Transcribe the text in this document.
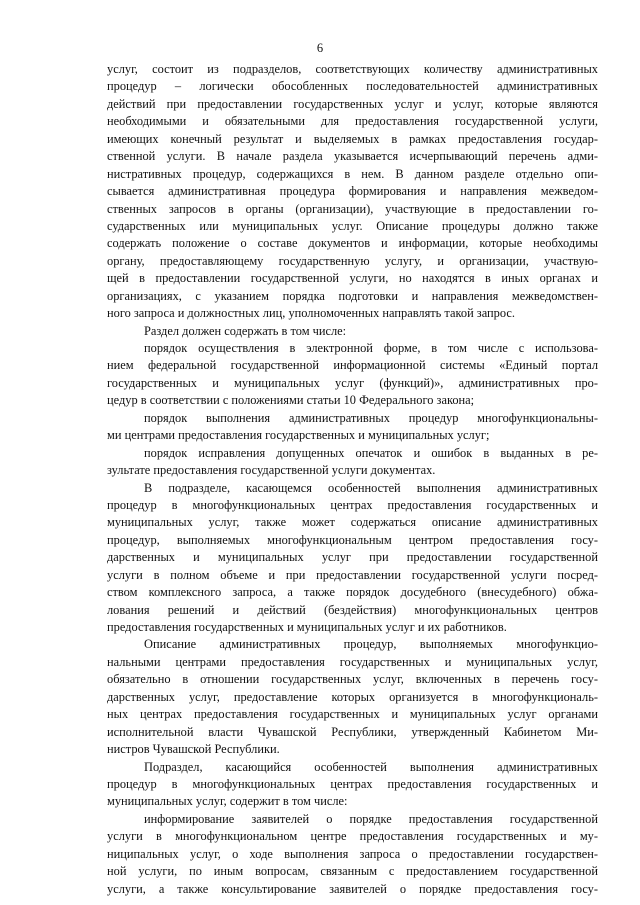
6
услуг, состоит из подразделов, соответствующих количеству административных
процедур – логически обособленных последовательностей административных
действий при предоставлении государственных услуг и услуг, которые являются
необходимыми и обязательными для предоставления государственной услуги,
имеющих конечный результат и выделяемых в рамках предоставления государ-
ственной услуги. В начале раздела указывается исчерпывающий перечень адми-
нистративных процедур, содержащихся в нем. В данном разделе отдельно опи-
сывается административная процедура формирования и направления межведом-
ственных запросов в органы (организации), участвующие в предоставлении го-
сударственных или муниципальных услуг. Описание процедуры должно также
содержать положение о составе документов и информации, которые необходимы
органу, предоставляющему государственную услугу, и организации, участвую-
щей в предоставлении государственной услуги, но находятся в иных органах и
организациях, с указанием порядка подготовки и направления межведомствен-
ного запроса и должностных лиц, уполномоченных направлять такой запрос.
Раздел должен содержать в том числе:
порядок осуществления в электронной форме, в том числе с использова-
нием федеральной государственной информационной системы «Единый портал
государственных и муниципальных услуг (функций)», административных про-
цедур в соответствии с положениями статьи 10 Федерального закона;
порядок выполнения административных процедур многофункциональны-
ми центрами предоставления государственных и муниципальных услуг;
порядок исправления допущенных опечаток и ошибок в выданных в ре-
зультате предоставления государственной услуги документах.
В подразделе, касающемся особенностей выполнения административных
процедур в многофункциональных центрах предоставления государственных и
муниципальных услуг, также может содержаться описание административных
процедур, выполняемых многофункциональным центром предоставления госу-
дарственных и муниципальных услуг при предоставлении государственной
услуги в полном объеме и при предоставлении государственной услуги посред-
ством комплексного запроса, а также порядок досудебного (внесудебного) обжа-
лования решений и действий (бездействия) многофункциональных центров
предоставления государственных и муниципальных услуг и их работников.
Описание административных процедур, выполняемых многофункцио-
нальными центрами предоставления государственных и муниципальных услуг,
обязательно в отношении государственных услуг, включенных в перечень госу-
дарственных услуг, предоставление которых организуется в многофункциональ-
ных центрах предоставления государственных и муниципальных услуг органами
исполнительной власти Чувашской Республики, утвержденный Кабинетом Ми-
нистров Чувашской Республики.
Подраздел, касающийся особенностей выполнения административных
процедур в многофункциональных центрах предоставления государственных и
муниципальных услуг, содержит в том числе:
информирование заявителей о порядке предоставления государственной
услуги в многофункциональном центре предоставления государственных и му-
ниципальных услуг, о ходе выполнения запроса о предоставлении государствен-
ной услуги, по иным вопросам, связанным с предоставлением государственной
услуги, а также консультирование заявителей о порядке предоставления госу-
